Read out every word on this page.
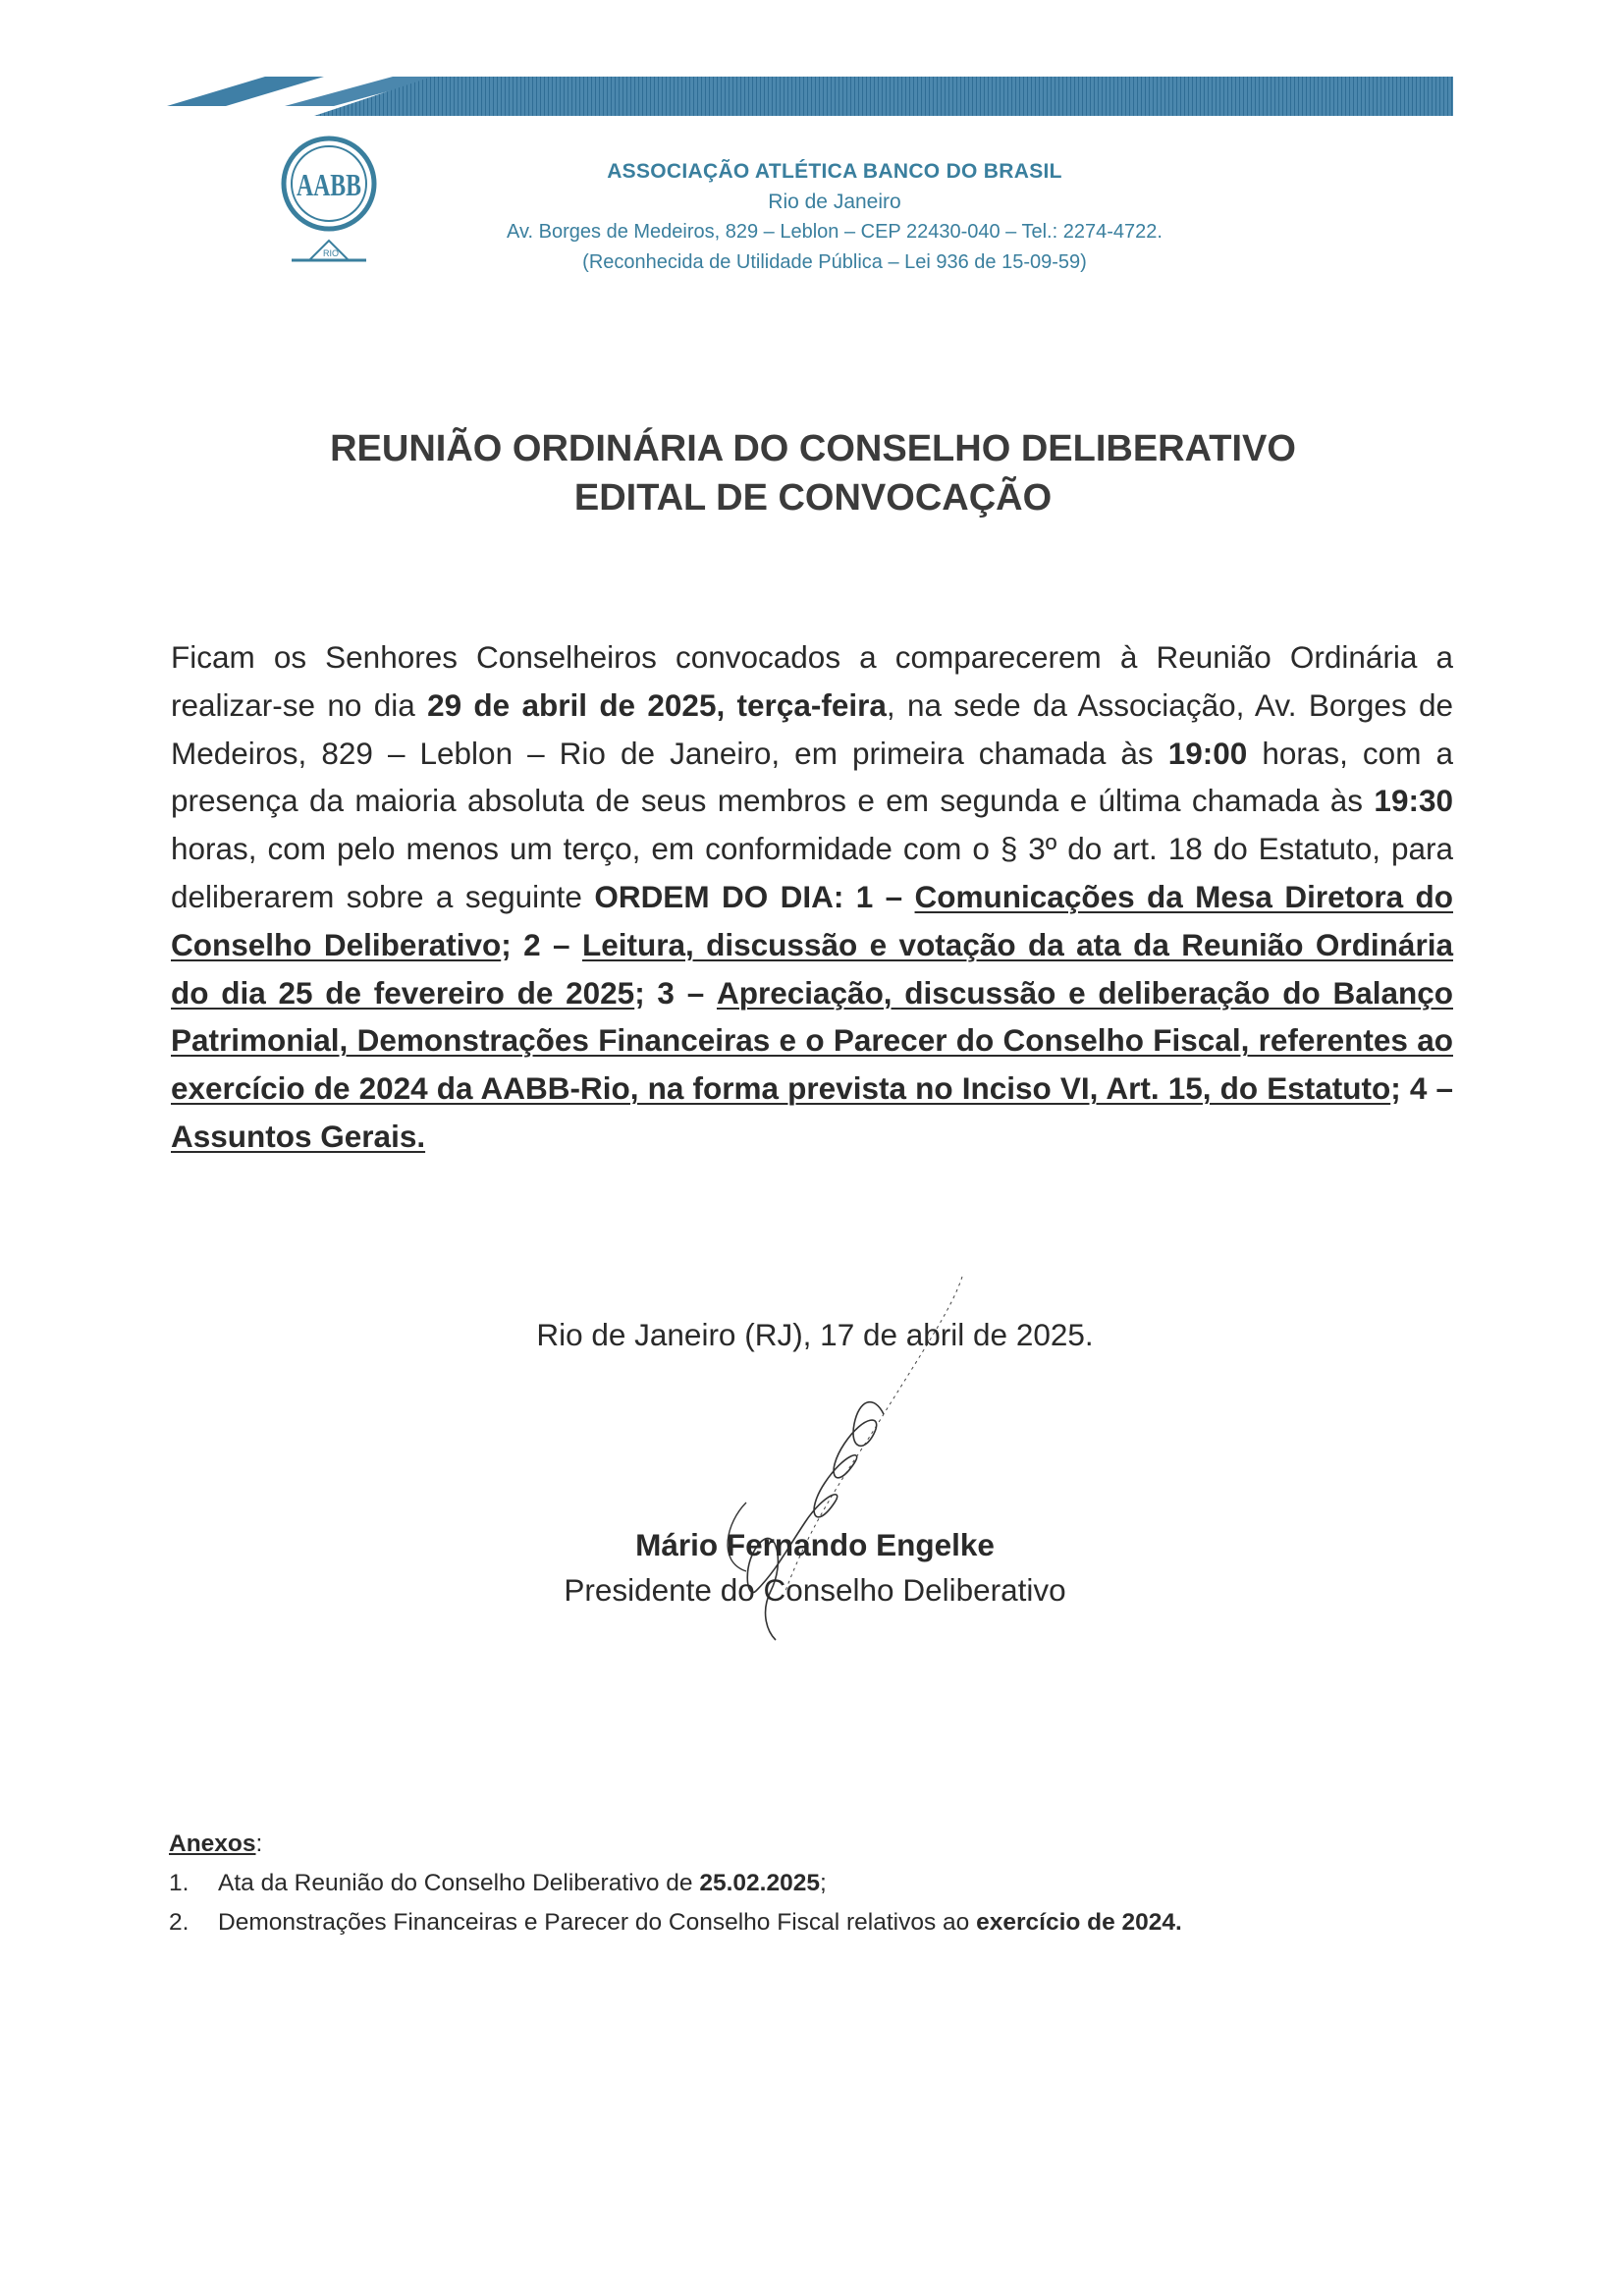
AABB
RIO
ASSOCIAÇÃO ATLÉTICA BANCO DO BRASIL
Rio de Janeiro
Av. Borges de Medeiros, 829 – Leblon – CEP 22430-040 – Tel.: 2274-4722.
(Reconhecida de Utilidade Pública – Lei 936 de 15-09-59)
REUNIÃO ORDINÁRIA DO CONSELHO DELIBERATIVO
EDITAL DE CONVOCAÇÃO
Ficam os Senhores Conselheiros convocados a comparecerem à Reunião Ordinária a realizar-se no dia 29 de abril de 2025, terça-feira, na sede da Associação, Av. Borges de Medeiros, 829 – Leblon – Rio de Janeiro, em primeira chamada às 19:00 horas, com a presença da maioria absoluta de seus membros e em segunda e última chamada às 19:30 horas, com pelo menos um terço, em conformidade com o § 3º do art. 18 do Estatuto, para deliberarem sobre a seguinte ORDEM DO DIA: 1 – Comunicações da Mesa Diretora do Conselho Deliberativo; 2 – Leitura, discussão e votação da ata da Reunião Ordinária do dia 25 de fevereiro de 2025; 3 – Apreciação, discussão e deliberação do Balanço Patrimonial, Demonstrações Financeiras e o Parecer do Conselho Fiscal, referentes ao exercício de 2024 da AABB-Rio, na forma prevista no Inciso VI, Art. 15, do Estatuto; 4 – Assuntos Gerais.
Rio de Janeiro (RJ), 17 de abril de 2025.
Mário Fernando Engelke
Presidente do Conselho Deliberativo
Anexos:
1.	Ata da Reunião do Conselho Deliberativo de 25.02.2025;
2.	Demonstrações Financeiras e Parecer do Conselho Fiscal relativos ao exercício de 2024.
